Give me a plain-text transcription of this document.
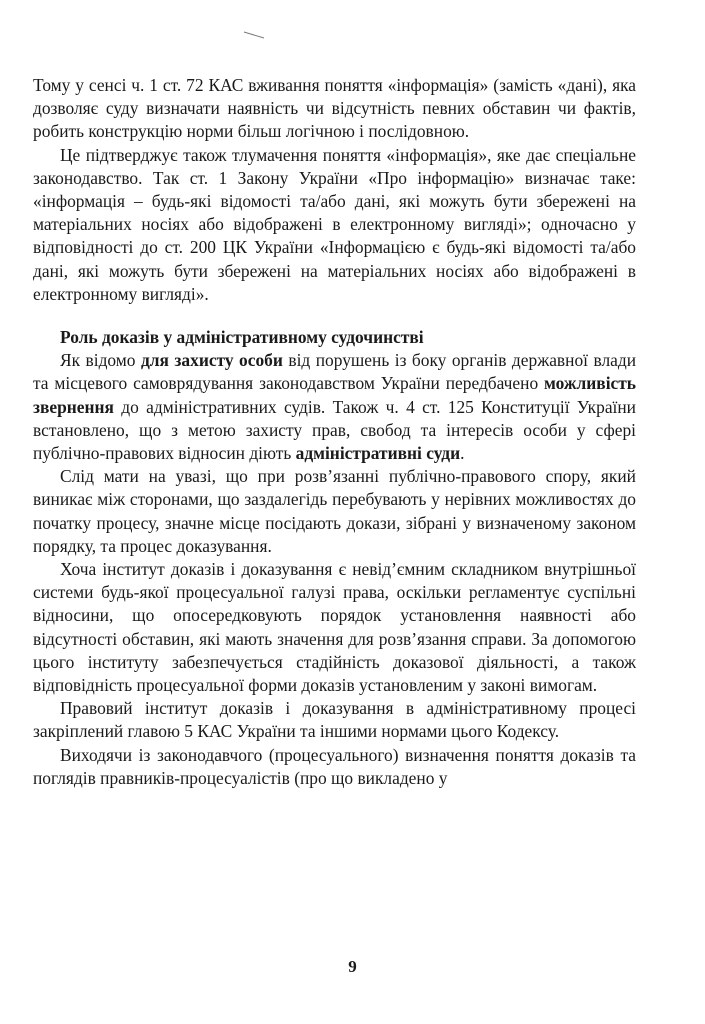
Тому у сенсі ч. 1 ст. 72 КАС вживання поняття «інформація» (замість «дані), яка дозволяє суду визначати наявність чи відсутність певних обставин чи фактів, робить конструкцію норми більш логічною і послідовною.

Це підтверджує також тлумачення поняття «інформація», яке дає спеціальне законодавство. Так ст. 1 Закону України «Про інформацію» визначає таке: «інформація – будь-які відомості та/або дані, які можуть бути збережені на матеріальних носіях або відображені в електронному вигляді»; одночасно у відповідності до ст. 200 ЦК України «Інформацією є будь-які відомості та/або дані, які можуть бути збережені на матеріальних носіях або відображені в електронному вигляді».

Роль доказів у адміністративному судочинстві

Як відомо для захисту особи від порушень із боку органів державної влади та місцевого самоврядування законодавством України передбачено можливість звернення до адміністративних судів. Також ч. 4 ст. 125 Конституції України встановлено, що з метою захисту прав, свобод та інтересів особи у сфері публічно-правових відносин діють адміністративні суди.

Слід мати на увазі, що при розв’язанні публічно-правового спору, який виникає між сторонами, що заздалегідь перебувають у нерівних можливостях до початку процесу, значне місце посідають докази, зібрані у визначеному законом порядку, та процес доказування.

Хоча інститут доказів і доказування є невід’ємним складником внутрішньої системи будь-якої процесуальної галузі права, оскільки регламентує суспільні відносини, що опосередковують порядок установлення наявності або відсутності обставин, які мають значення для розв’язання справи. За допомогою цього інституту забезпечується стадійність доказової діяльності, а також відповідність процесуальної форми доказів установленим у законі вимогам.

Правовий інститут доказів і доказування в адміністративному процесі закріплений главою 5 КАС України та іншими нормами цього Кодексу.

Виходячи із законодавчого (процесуального) визначення поняття доказів та поглядів правників-процесуалістів (про що викладено у

9
